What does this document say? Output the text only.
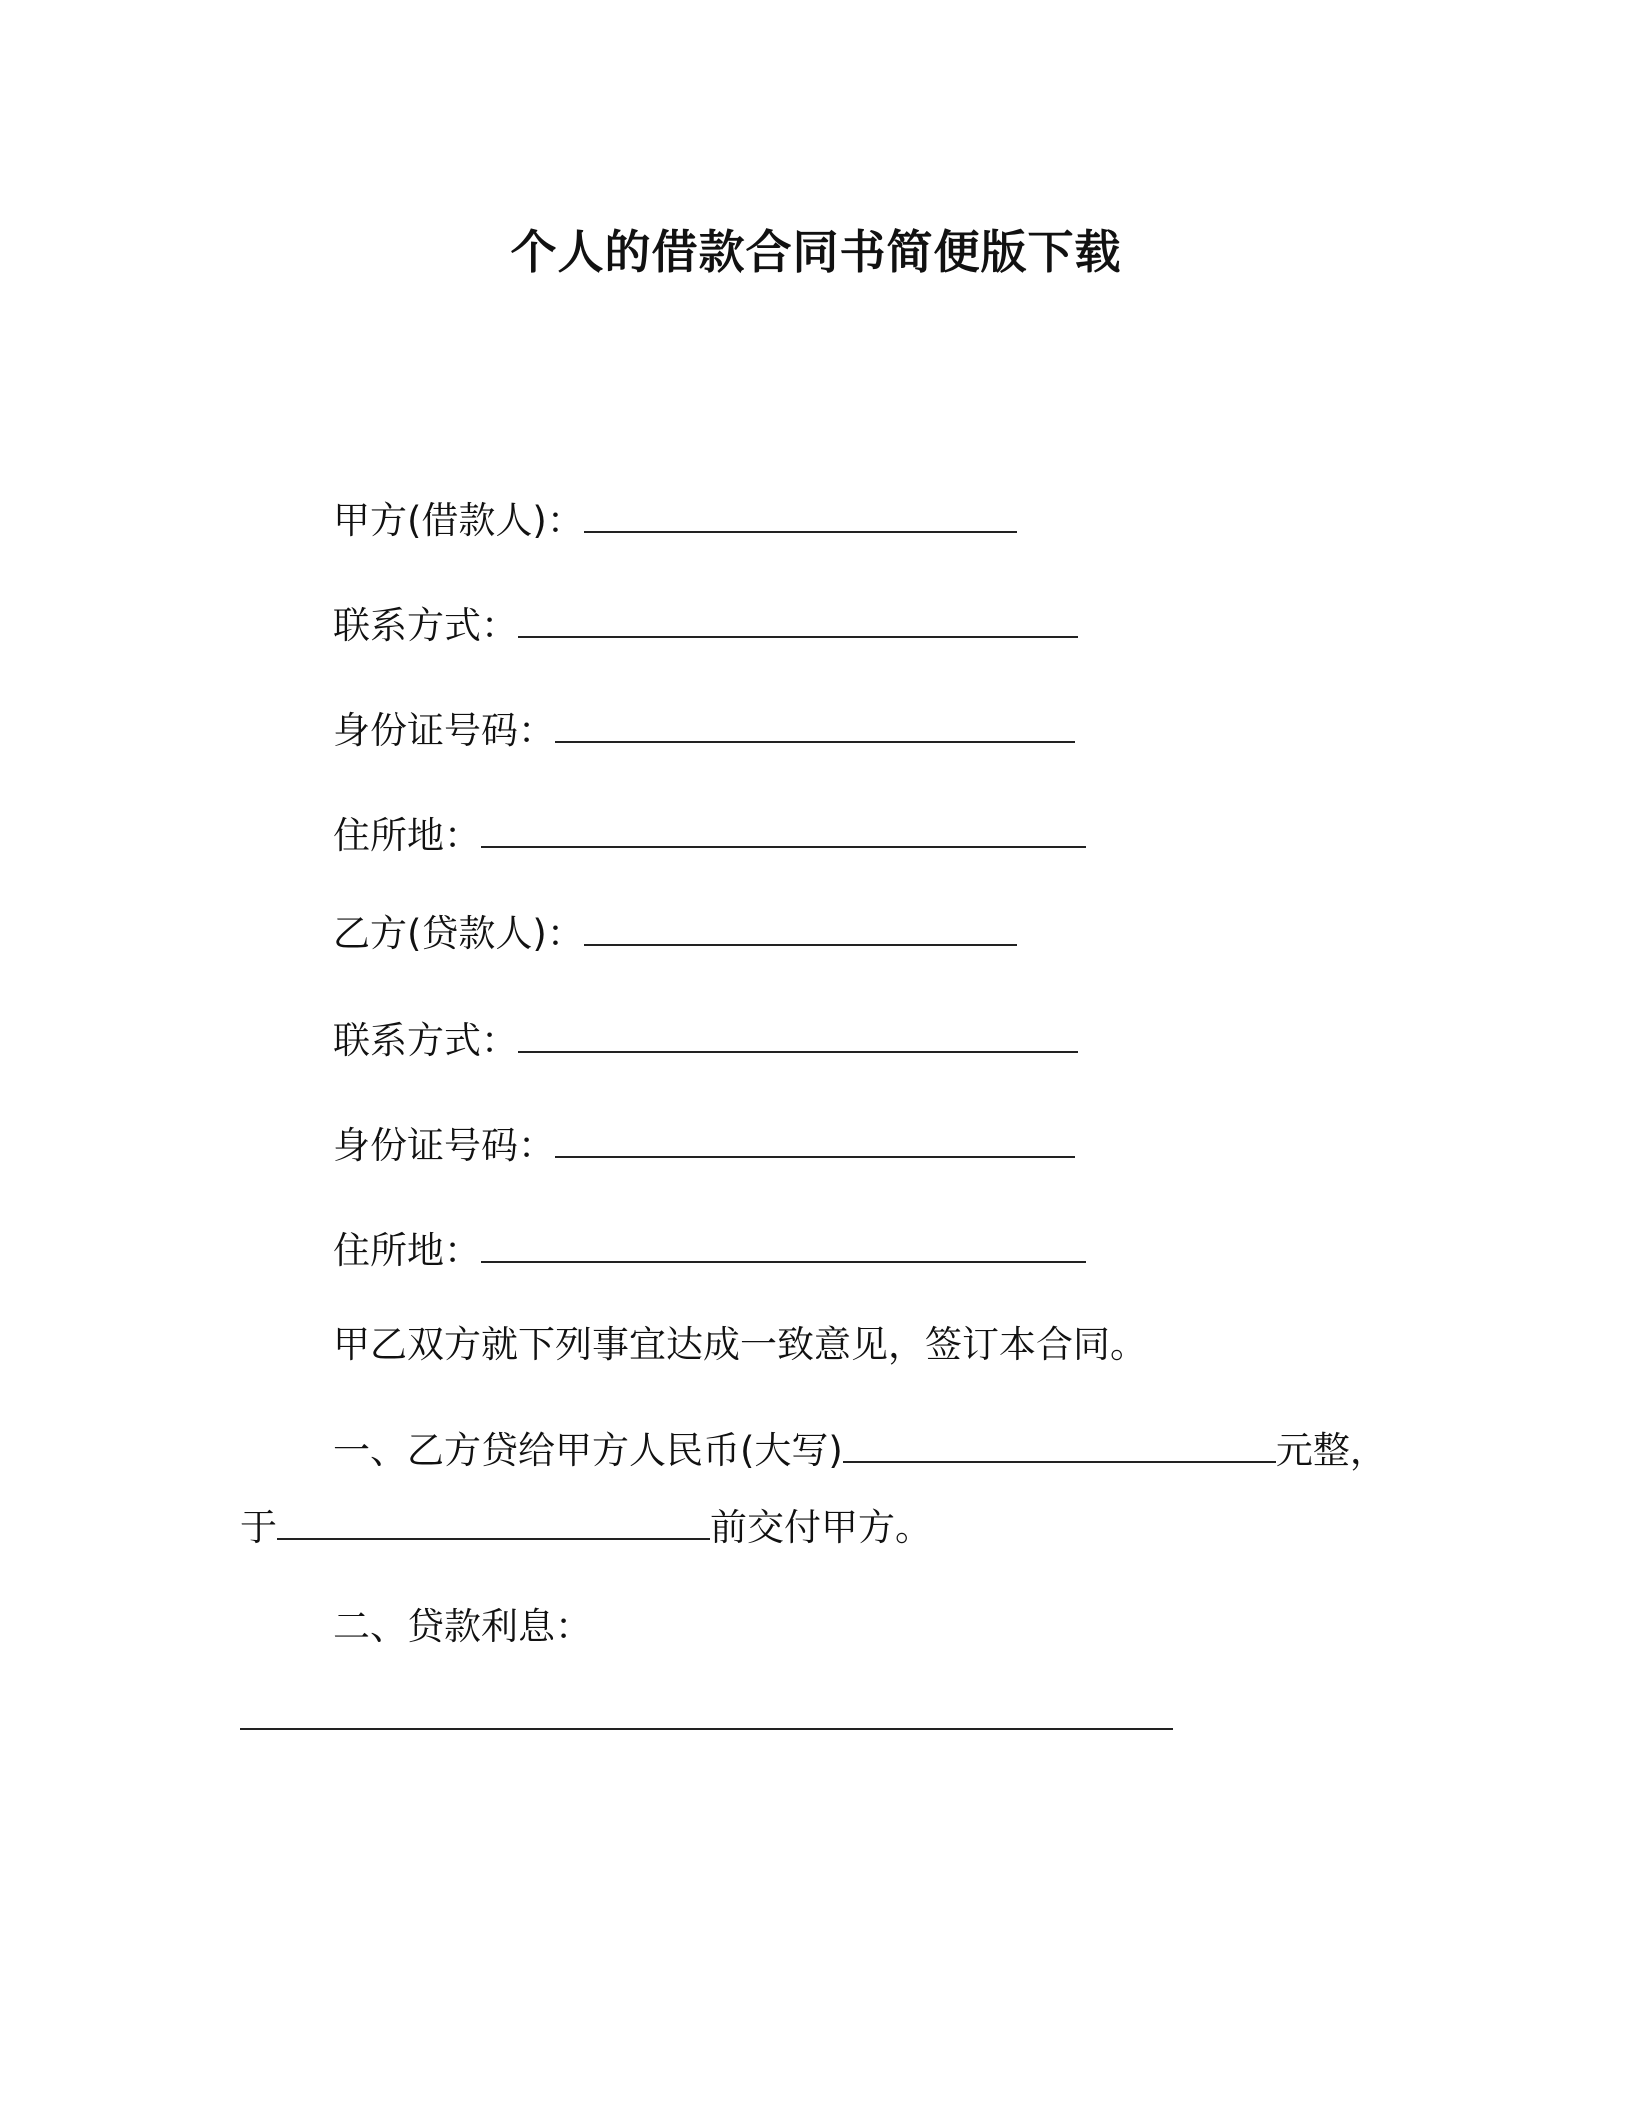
个人的借款合同书简便版下载
甲方(借款人)：
联系方式：
身份证号码：
住所地：
乙方(贷款人)：
联系方式：
身份证号码：
住所地：
甲乙双方就下列事宜达成一致意见，签订本合同。
一、乙方贷给甲方人民币(大写)	元整，
于	前交付甲方。
二、贷款利息：
